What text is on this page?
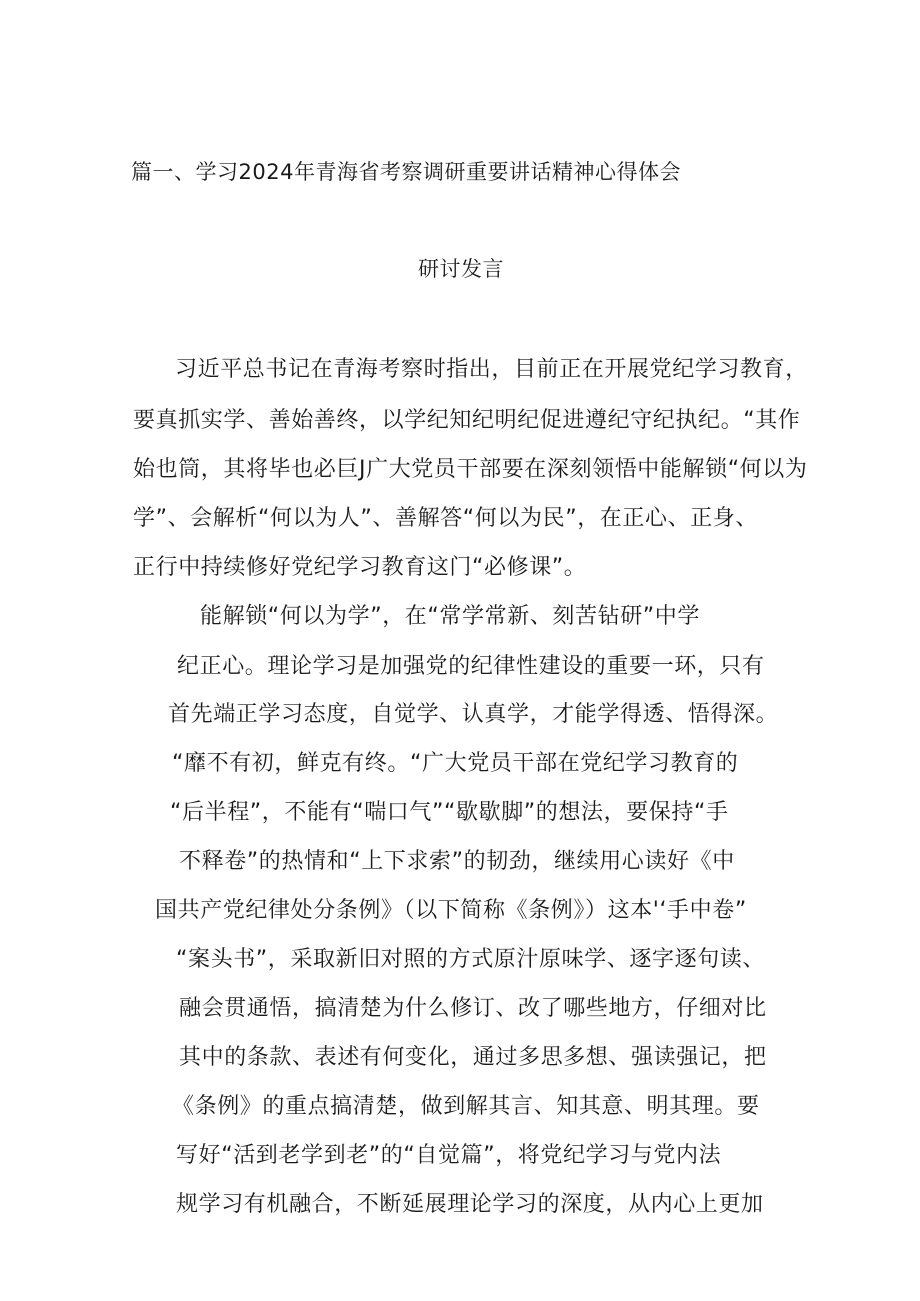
篇一、学习2024年青海省考察调研重要讲话精神心得体会
研讨发言
习近平总书记在青海考察时指出，目前正在开展党纪学习教育，
要真抓实学、善始善终，以学纪知纪明纪促进遵纪守纪执纪。“其作
始也筒，其将毕也必巨J广大党员干部要在深刻领悟中能解锁“何以为
学”、会解析“何以为人”、善解答“何以为民”，在正心、正身、
正行中持续修好党纪学习教育这门“必修课”。
能解锁“何以为学”，在“常学常新、刻苦钻研”中学
纪正心。理论学习是加强党的纪律性建设的重要一环，只有
首先端正学习态度，自觉学、认真学，才能学得透、悟得深。
“靡不有初，鲜克有终。“广大党员干部在党纪学习教育的
“后半程”，不能有“喘口气”“歇歇脚”的想法，要保持“手
不释卷”的热情和“上下求索”的韧劲，继续用心读好《中
国共产党纪律处分条例》（以下简称《条例》）这本'‘手中卷”
“案头书”，采取新旧对照的方式原汁原味学、逐字逐句读、
融会贯通悟，搞清楚为什么修订、改了哪些地方，仔细对比
其中的条款、表述有何变化，通过多思多想、强读强记，把
《条例》的重点搞清楚，做到解其言、知其意、明其理。要
写好“活到老学到老”的“自觉篇”，将党纪学习与党内法
规学习有机融合，不断延展理论学习的深度，从内心上更加
